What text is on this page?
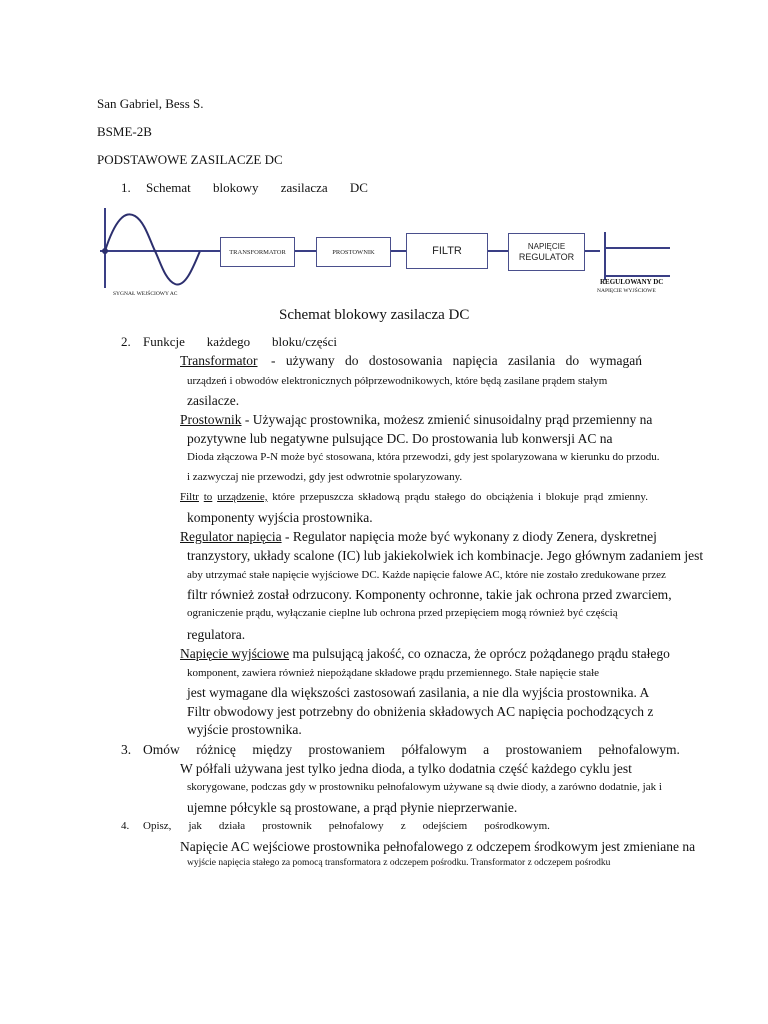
San Gabriel, Bess S.
BSME-2B
PODSTAWOWE ZASILACZE DC
1. Schemat blokowy zasilacza DC
TRANSFORMATOR	PROSTOWNIK	FILTR	NAPIĘCIE
REGULATOR
SYGNAŁ WEJŚCIOWY AC
REGULOWANY DC
NAPIĘCIE WYJŚCIOWE
Schemat blokowy zasilacza DC
2. Funkcje każdego bloku/części
Transformator - używany do dostosowania napięcia zasilania do wymagań
urządzeń i obwodów elektronicznych półprzewodnikowych, które będą zasilane prądem stałym
zasilacze.
Prostownik - Używając prostownika, możesz zmienić sinusoidalny prąd przemienny na
pozytywne lub negatywne pulsujące DC. Do prostowania lub konwersji AC na
Dioda złączowa P-N może być stosowana, która przewodzi, gdy jest spolaryzowana w kierunku do przodu.
i zazwyczaj nie przewodzi, gdy jest odwrotnie spolaryzowany.
Filtr to urządzenie, które przepuszcza składową prądu stałego do obciążenia i blokuje prąd zmienny.
komponenty wyjścia prostownika.
Regulator napięcia - Regulator napięcia może być wykonany z diody Zenera, dyskretnej
tranzystory, układy scalone (IC) lub jakiekolwiek ich kombinacje. Jego głównym zadaniem jest
aby utrzymać stałe napięcie wyjściowe DC. Każde napięcie falowe AC, które nie zostało zredukowane przez
filtr również został odrzucony. Komponenty ochronne, takie jak ochrona przed zwarciem,
ograniczenie prądu, wyłączanie cieplne lub ochrona przed przepięciem mogą również być częścią
regulatora.
Napięcie wyjściowe ma pulsującą jakość, co oznacza, że oprócz pożądanego prądu stałego
komponent, zawiera również niepożądane składowe prądu przemiennego. Stałe napięcie stałe
jest wymagane dla większości zastosowań zasilania, a nie dla wyjścia prostownika. A
Filtr obwodowy jest potrzebny do obniżenia składowych AC napięcia pochodzących z
wyjście prostownika.
3. Omów różnicę między prostowaniem półfalowym a prostowaniem pełnofalowym.
W półfali używana jest tylko jedna dioda, a tylko dodatnia część każdego cyklu jest
skorygowane, podczas gdy w prostowniku pełnofalowym używane są dwie diody, a zarówno dodatnie, jak i
ujemne półcykle są prostowane, a prąd płynie nieprzerwanie.
4. Opisz, jak działa prostownik pełnofalowy z odejściem pośrodkowym.
Napięcie AC wejściowe prostownika pełnofalowego z odczepem środkowym jest zmieniane na
wyjście napięcia stałego za pomocą transformatora z odczepem pośrodku. Transformator z odczepem pośrodku
